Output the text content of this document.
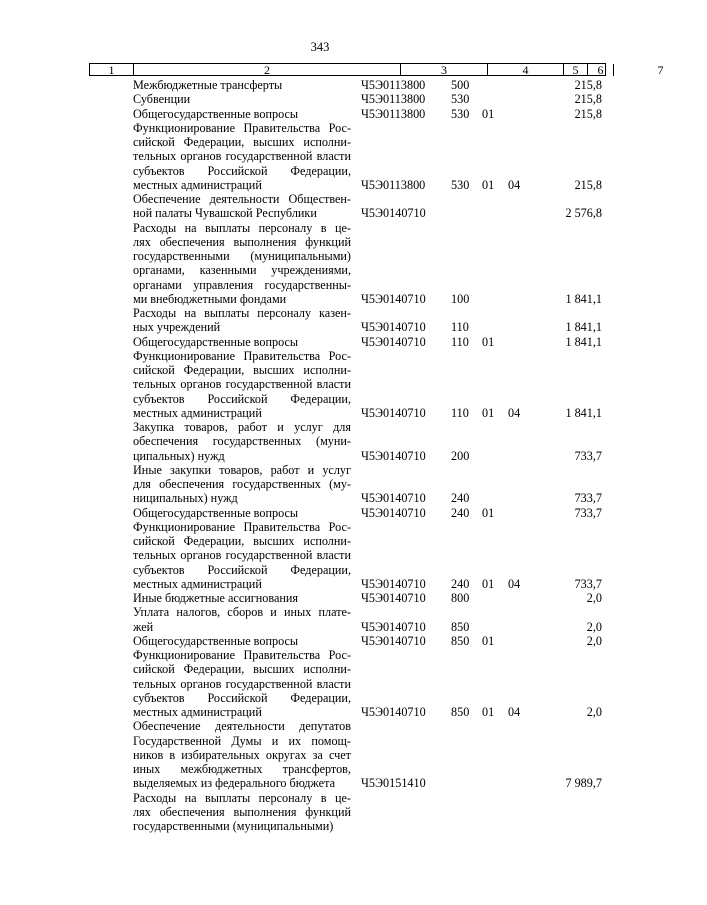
343
1	2	3	4	5	6	7
Межбюджетные трансферты	Ч5Э0113800 500	215,8
Субвенции	Ч5Э0113800 530	215,8
Общегосударственные вопросы	Ч5Э0113800 530 01	215,8
Функционирование Правительства Рос-
сийской Федерации, высших исполни-
тельных органов государственной власти
субъектов Российской Федерации,
местных администраций	Ч5Э0113800 530 01 04	215,8
Обеспечение деятельности Обществен-
ной палаты Чувашской Республики	Ч5Э0140710	2 576,8
Расходы на выплаты персоналу в це-
лях обеспечения выполнения функций
государственными (муниципальными)
органами, казенными учреждениями,
органами управления государственны-
ми внебюджетными фондами	Ч5Э0140710 100	1 841,1
Расходы на выплаты персоналу казен-
ных учреждений	Ч5Э0140710 110	1 841,1
Общегосударственные вопросы	Ч5Э0140710 110 01	1 841,1
Функционирование Правительства Рос-
сийской Федерации, высших исполни-
тельных органов государственной власти
субъектов Российской Федерации,
местных администраций	Ч5Э0140710 110 01 04	1 841,1
Закупка товаров, работ и услуг для
обеспечения государственных (муни-
ципальных) нужд	Ч5Э0140710 200	733,7
Иные закупки товаров, работ и услуг
для обеспечения государственных (му-
ниципальных) нужд	Ч5Э0140710 240	733,7
Общегосударственные вопросы	Ч5Э0140710 240 01	733,7
Функционирование Правительства Рос-
сийской Федерации, высших исполни-
тельных органов государственной власти
субъектов Российской Федерации,
местных администраций	Ч5Э0140710 240 01 04	733,7
Иные бюджетные ассигнования	Ч5Э0140710 800	2,0
Уплата налогов, сборов и иных плате-
жей	Ч5Э0140710 850	2,0
Общегосударственные вопросы	Ч5Э0140710 850 01	2,0
Функционирование Правительства Рос-
сийской Федерации, высших исполни-
тельных органов государственной власти
субъектов Российской Федерации,
местных администраций	Ч5Э0140710 850 01 04	2,0
Обеспечение деятельности депутатов
Государственной Думы и их помощ-
ников в избирательных округах за счет
иных межбюджетных трансфертов,
выделяемых из федерального бюджета	Ч5Э0151410	7 989,7
Расходы на выплаты персоналу в це-
лях обеспечения выполнения функций
государственными (муниципальными)
